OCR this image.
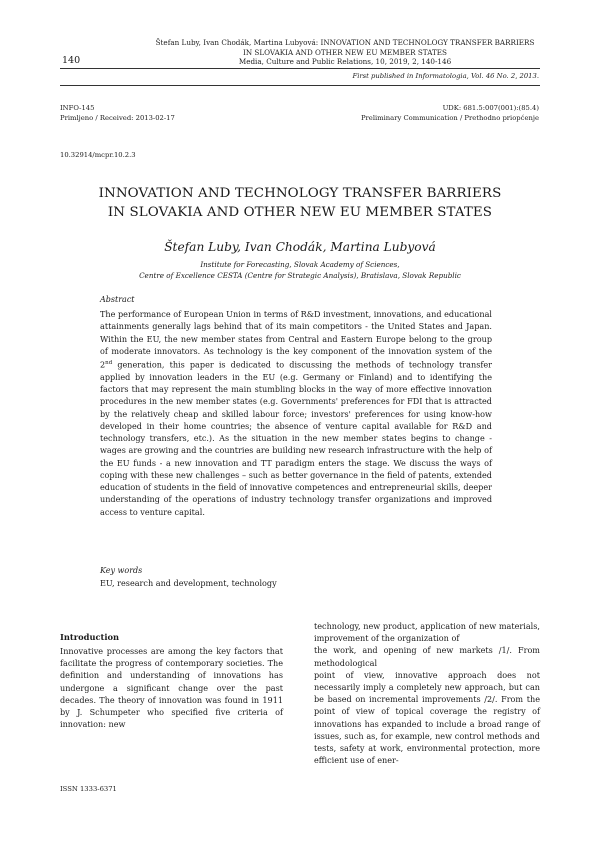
Štefan Luby, Ivan Chodák, Martina Lubyová: INNOVATION AND TECHNOLOGY TRANSFER BARRIERS
IN SLOVAKIA AND OTHER NEW EU MEMBER STATES
Media, Culture and Public Relations, 10, 2019, 2, 140-146
140
First published in Informatologia, Vol. 46 No. 2, 2013.
INFO-145
Primljeno / Received: 2013-02-17
UDK: 681.5:007(001):(85.4)
Preliminary Communication / Prethodno priopćenje
10.32914/mcpr.10.2.3
INNOVATION AND TECHNOLOGY TRANSFER BARRIERS
IN SLOVAKIA AND OTHER NEW EU MEMBER STATES
Štefan Luby, Ivan Chodák, Martina Lubyová
Institute for Forecasting, Slovak Academy of Sciences,
Centre of Excellence CESTA (Centre for Strategic Analysis), Bratislava, Slovak Republic
Abstract
The performance of European Union in terms of R&D investment, innovations, and educational attainments generally lags behind that of its main competitors - the United States and Japan. Within the EU, the new member states from Central and Eastern Europe belong to the group of moderate innovators. As technology is the key component of the innovation system of the 2nd generation, this paper is dedicated to discussing the methods of technology transfer applied by innovation leaders in the EU (e.g. Germany or Finland) and to identifying the factors that may represent the main stumbling blocks in the way of more effective innovation procedures in the new member states (e.g. Governments' preferences for FDI that is attracted by the relatively cheap and skilled labour force; investors' preferences for using know-how developed in their home countries; the absence of venture capital available for R&D and technology transfers, etc.). As the situation in the new member states begins to change - wages are growing and the countries are building new research infrastructure with the help of the EU funds - a new innovation and TT paradigm enters the stage. We discuss the ways of coping with these new challenges – such as better governance in the field of patents, extended education of students in the field of innovative competences and entrepreneurial skills, deeper understanding of the operations of industry technology transfer organizations and improved access to venture capital.
Key words
EU, research and development, technology
Introduction
Innovative processes are among the key factors that facilitate the progress of contemporary societies. The definition and understanding of innovations has undergone a significant change over the past decades. The theory of innovation was found in 1911 by J. Schumpeter who specified five criteria of innovation: new
technology, new product, application of new materials, improvement of the organization of
the work, and opening of new markets /1/. From methodological
point of view, innovative approach does not necessarily imply a completely new approach, but can be based on incremental improvements /2/. From the point of view of topical coverage the registry of innovations has expanded to include a broad range of issues, such as, for example, new control methods and tests, safety at work, environmental protection, more efficient use of ener-
ISSN 1333-6371
